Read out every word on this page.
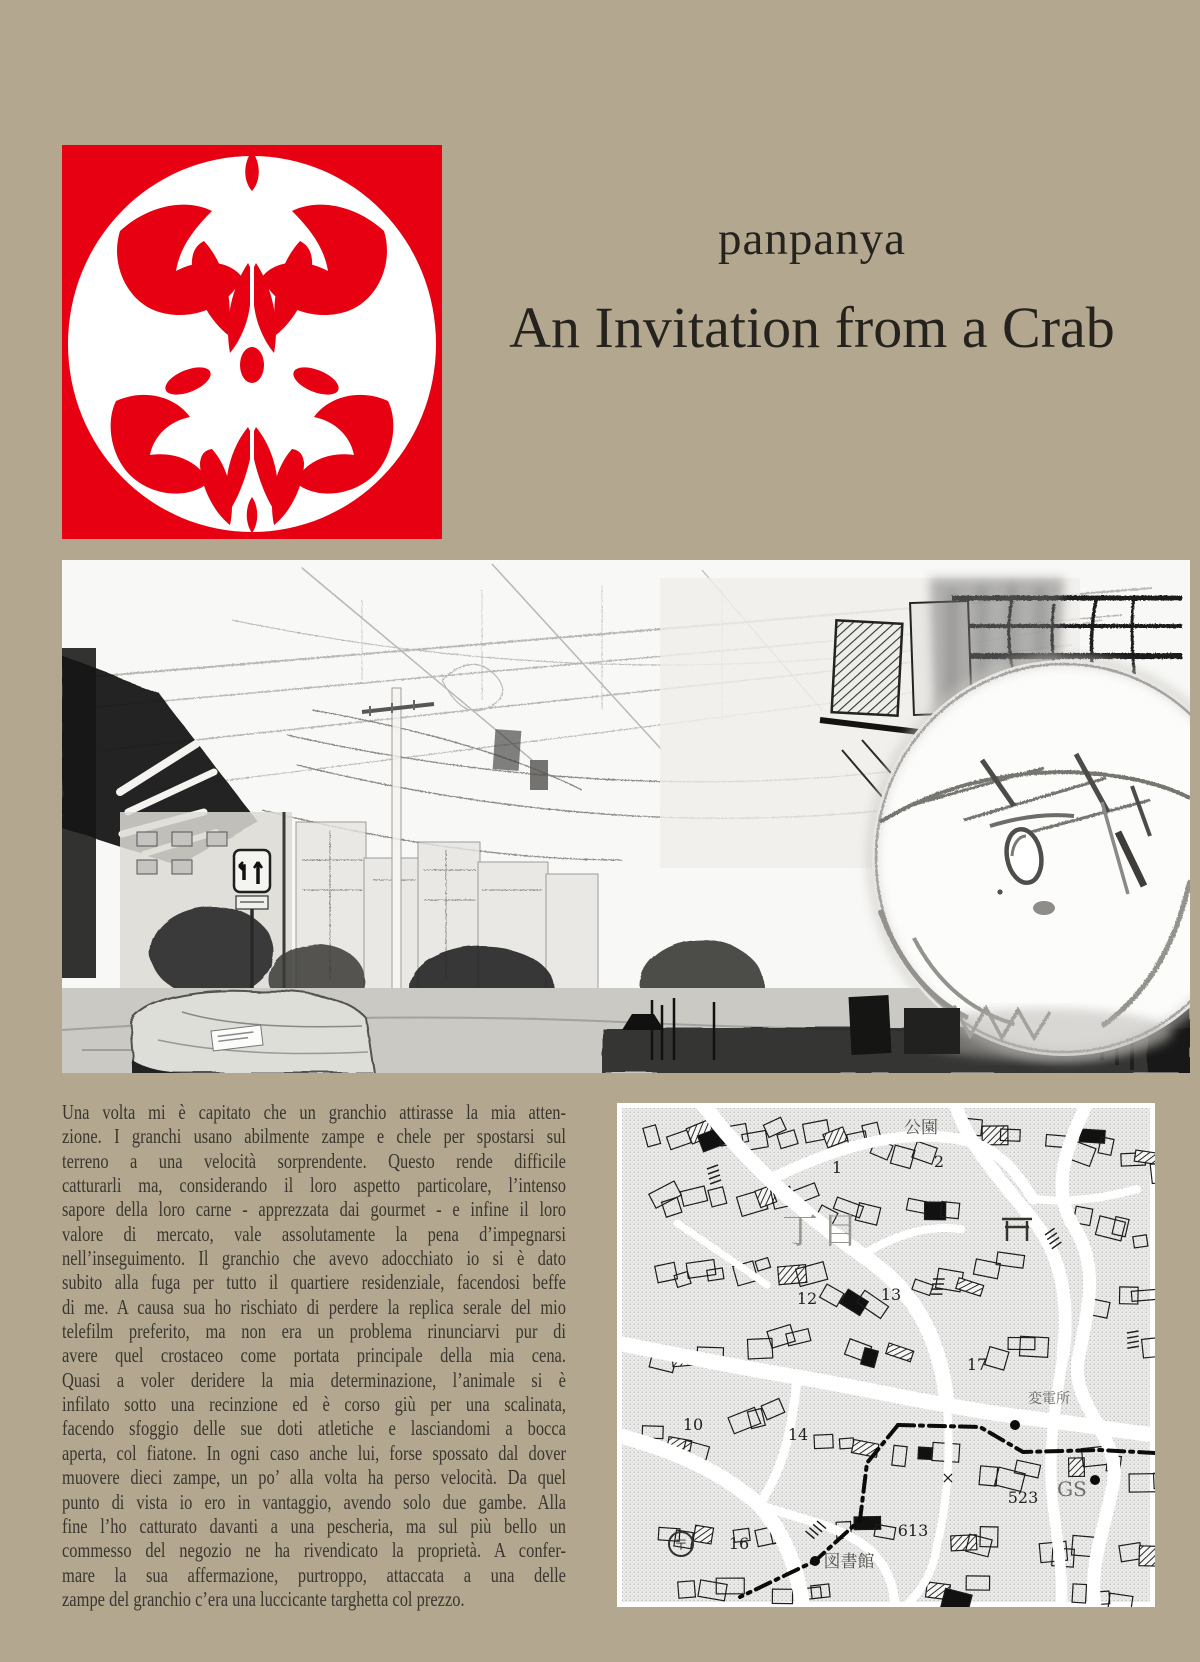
panpanya
An Invitation from a Crab
Una volta mi è capitato che un granchio attirasse la mia atten-
zione. I granchi usano abilmente zampe e chele per spostarsi sul
terreno a una velocità sorprendente. Questo rende difficile
catturarli ma, considerando il loro aspetto particolare, l’intenso
sapore della loro carne - apprezzata dai gourmet - e infine il loro
valore di mercato, vale assolutamente la pena d’impegnarsi
nell’inseguimento. Il granchio che avevo adocchiato io si è dato
subito alla fuga per tutto il quartiere residenziale, facendosi beffe
di me. A causa sua ho rischiato di perdere la replica serale del mio
telefilm preferito, ma non era un problema rinunciarvi pur di
avere quel crostaceo come portata principale della mia cena.
Quasi a voler deridere la mia determinazione, l’animale si è
infilato sotto una recinzione ed è corso giù per una scalinata,
facendo sfoggio delle sue doti atletiche e lasciandomi a bocca
aperta, col fiatone. In ogni caso anche lui, forse spossato dal dover
muovere dieci zampe, un po’ alla volta ha perso velocità. Da quel
punto di vista io ero in vantaggio, avendo solo due gambe. Alla
fine l’ho catturato davanti a una pescheria, ma sul più bello un
commesso del negozio ne ha rivendicato la proprietà. A confer-
mare la sua affermazione, purtroppo, attaccata a una delle
zampe del granchio c’era una luccicante targhetta col prezzo.
公園
2
1
丁目
13
12
17
10
14
変電所
×
523 GS
16
613
図書館
〒
